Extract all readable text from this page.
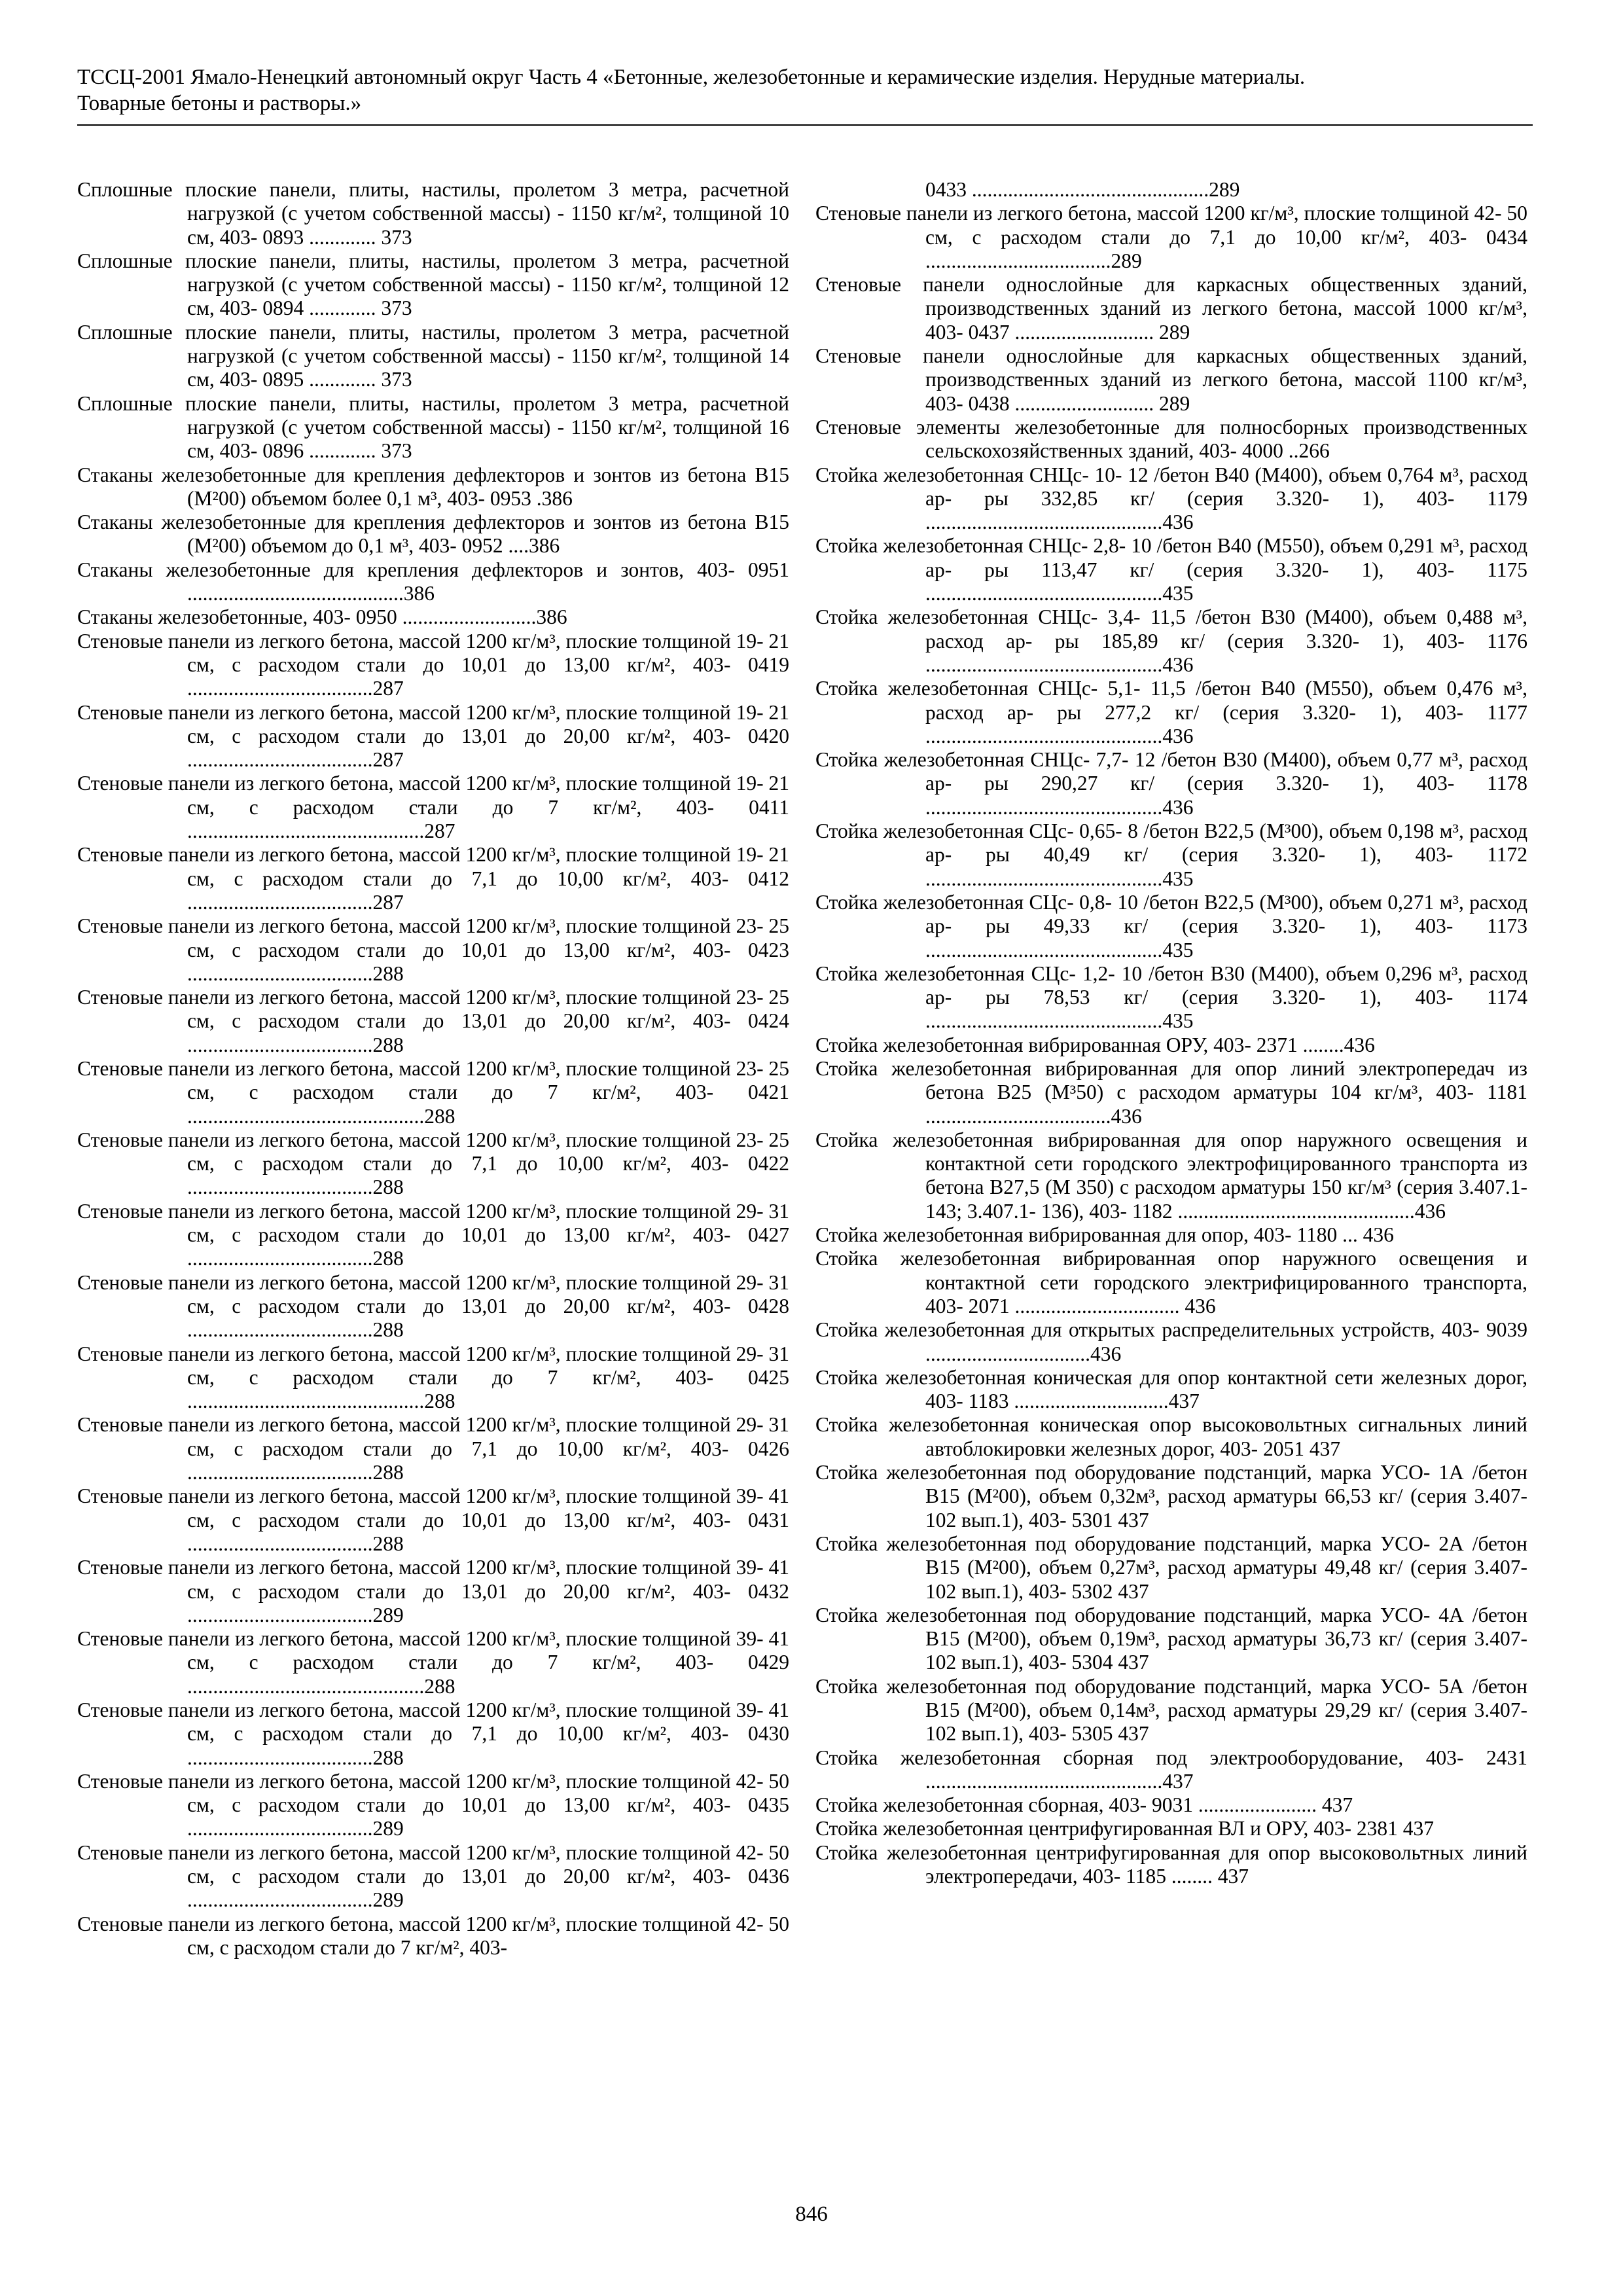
ТССЦ-2001 Ямало-Ненецкий автономный округ Часть 4 «Бетонные, железобетонные и керамические изделия. Нерудные материалы.
Товарные бетоны и растворы.»
Сплошные плоские панели, плиты, настилы, пролетом 3 метра, расчетной нагрузкой (с учетом собственной массы) - 1150 кг/м², толщиной 10 см, 403- 0893 ............. 373
Сплошные плоские панели, плиты, настилы, пролетом 3 метра, расчетной нагрузкой (с учетом собственной массы) - 1150 кг/м², толщиной 12 см, 403- 0894 ............. 373
Сплошные плоские панели, плиты, настилы, пролетом 3 метра, расчетной нагрузкой (с учетом собственной массы) - 1150 кг/м², толщиной 14 см, 403- 0895 ............. 373
Сплошные плоские панели, плиты, настилы, пролетом 3 метра, расчетной нагрузкой (с учетом собственной массы) - 1150 кг/м², толщиной 16 см, 403- 0896 ............. 373
Стаканы железобетонные для крепления дефлекторов и зонтов из бетона В15 (М²00) объемом более 0,1 м³, 403- 0953 .386
Стаканы железобетонные для крепления дефлекторов и зонтов из бетона В15 (М²00) объемом до 0,1 м³, 403- 0952 ....386
Стаканы железобетонные для крепления дефлекторов и зонтов, 403- 0951 ..........................................386
Стаканы железобетонные, 403- 0950 ..........................386
Стеновые панели из легкого бетона, массой 1200 кг/м³, плоские толщиной 19- 21 см, с расходом стали до 10,01 до 13,00 кг/м², 403- 0419 ....................................287
Стеновые панели из легкого бетона, массой 1200 кг/м³, плоские толщиной 19- 21 см, с расходом стали до 13,01 до 20,00 кг/м², 403- 0420 ....................................287
Стеновые панели из легкого бетона, массой 1200 кг/м³, плоские толщиной 19- 21 см, с расходом стали до 7 кг/м², 403- 0411 ..............................................287
Стеновые панели из легкого бетона, массой 1200 кг/м³, плоские толщиной 19- 21 см, с расходом стали до 7,1 до 10,00 кг/м², 403- 0412 ....................................287
Стеновые панели из легкого бетона, массой 1200 кг/м³, плоские толщиной 23- 25 см, с расходом стали до 10,01 до 13,00 кг/м², 403- 0423 ....................................288
Стеновые панели из легкого бетона, массой 1200 кг/м³, плоские толщиной 23- 25 см, с расходом стали до 13,01 до 20,00 кг/м², 403- 0424 ....................................288
Стеновые панели из легкого бетона, массой 1200 кг/м³, плоские толщиной 23- 25 см, с расходом стали до 7 кг/м², 403- 0421 ..............................................288
Стеновые панели из легкого бетона, массой 1200 кг/м³, плоские толщиной 23- 25 см, с расходом стали до 7,1 до 10,00 кг/м², 403- 0422 ....................................288
Стеновые панели из легкого бетона, массой 1200 кг/м³, плоские толщиной 29- 31 см, с расходом стали до 10,01 до 13,00 кг/м², 403- 0427 ....................................288
Стеновые панели из легкого бетона, массой 1200 кг/м³, плоские толщиной 29- 31 см, с расходом стали до 13,01 до 20,00 кг/м², 403- 0428 ....................................288
Стеновые панели из легкого бетона, массой 1200 кг/м³, плоские толщиной 29- 31 см, с расходом стали до 7 кг/м², 403- 0425 ..............................................288
Стеновые панели из легкого бетона, массой 1200 кг/м³, плоские толщиной 29- 31 см, с расходом стали до 7,1 до 10,00 кг/м², 403- 0426 ....................................288
Стеновые панели из легкого бетона, массой 1200 кг/м³, плоские толщиной 39- 41 см, с расходом стали до 10,01 до 13,00 кг/м², 403- 0431 ....................................288
Стеновые панели из легкого бетона, массой 1200 кг/м³, плоские толщиной 39- 41 см, с расходом стали до 13,01 до 20,00 кг/м², 403- 0432 ....................................289
Стеновые панели из легкого бетона, массой 1200 кг/м³, плоские толщиной 39- 41 см, с расходом стали до 7 кг/м², 403- 0429 ..............................................288
Стеновые панели из легкого бетона, массой 1200 кг/м³, плоские толщиной 39- 41 см, с расходом стали до 7,1 до 10,00 кг/м², 403- 0430 ....................................288
Стеновые панели из легкого бетона, массой 1200 кг/м³, плоские толщиной 42- 50 см, с расходом стали до 10,01 до 13,00 кг/м², 403- 0435 ....................................289
Стеновые панели из легкого бетона, массой 1200 кг/м³, плоские толщиной 42- 50 см, с расходом стали до 13,01 до 20,00 кг/м², 403- 0436 ....................................289
Стеновые панели из легкого бетона, массой 1200 кг/м³, плоские толщиной 42- 50 см, с расходом стали до 7 кг/м², 403-
0433 ..............................................289
Стеновые панели из легкого бетона, массой 1200 кг/м³, плоские толщиной 42- 50 см, с расходом стали до 7,1 до 10,00 кг/м², 403- 0434 ....................................289
Стеновые панели однослойные для каркасных общественных зданий, производственных зданий из легкого бетона, массой 1000 кг/м³, 403- 0437 ........................... 289
Стеновые панели однослойные для каркасных общественных зданий, производственных зданий из легкого бетона, массой 1100 кг/м³, 403- 0438 ........................... 289
Стеновые элементы железобетонные для полносборных производственных сельскохозяйственных зданий, 403- 4000 ..266
Стойка железобетонная СНЦс- 10- 12 /бетон В40 (М400), объем 0,764 м³, расход ар- ры 332,85 кг/ (серия 3.320- 1), 403- 1179 ..............................................436
Стойка железобетонная СНЦс- 2,8- 10 /бетон В40 (М550), объем 0,291 м³, расход ар- ры 113,47 кг/ (серия 3.320- 1), 403- 1175 ..............................................435
Стойка железобетонная СНЦс- 3,4- 11,5 /бетон В30 (М400), объем 0,488 м³, расход ар- ры 185,89 кг/ (серия 3.320- 1), 403- 1176 ..............................................436
Стойка железобетонная СНЦс- 5,1- 11,5 /бетон В40 (М550), объем 0,476 м³, расход ар- ры 277,2 кг/ (серия 3.320- 1), 403- 1177 ..............................................436
Стойка железобетонная СНЦс- 7,7- 12 /бетон В30 (М400), объем 0,77 м³, расход ар- ры 290,27 кг/ (серия 3.320- 1), 403- 1178 ..............................................436
Стойка железобетонная СЦс- 0,65- 8 /бетон В22,5 (М³00), объем 0,198 м³, расход ар- ры 40,49 кг/ (серия 3.320- 1), 403- 1172 ..............................................435
Стойка железобетонная СЦс- 0,8- 10 /бетон В22,5 (М³00), объем 0,271 м³, расход ар- ры 49,33 кг/ (серия 3.320- 1), 403- 1173 ..............................................435
Стойка железобетонная СЦс- 1,2- 10 /бетон В30 (М400), объем 0,296 м³, расход ар- ры 78,53 кг/ (серия 3.320- 1), 403- 1174 ..............................................435
Стойка железобетонная вибрированная ОРУ, 403- 2371 ........436
Стойка железобетонная вибрированная для опор линий электропередач из бетона В25 (М³50) с расходом арматуры 104 кг/м³, 403- 1181 ....................................436
Стойка железобетонная вибрированная для опор наружного освещения и контактной сети городского электрофицированного транспорта из бетона В27,5 (М 350) с расходом арматуры 150 кг/м³ (серия 3.407.1- 143; 3.407.1- 136), 403- 1182 ..............................................436
Стойка железобетонная вибрированная для опор, 403- 1180 ... 436
Стойка железобетонная вибрированная опор наружного освещения и контактной сети городского электрифицированного транспорта, 403- 2071 ................................ 436
Стойка железобетонная для открытых распределительных устройств, 403- 9039 ................................436
Стойка железобетонная коническая для опор контактной сети железных дорог, 403- 1183 ..............................437
Стойка железобетонная коническая опор высоковольтных сигнальных линий автоблокировки железных дорог, 403- 2051 437
Стойка железобетонная под оборудование подстанций, марка УСО- 1А /бетон В15 (М²00), объем 0,32м³, расход арматуры 66,53 кг/ (серия 3.407- 102 вып.1), 403- 5301 437
Стойка железобетонная под оборудование подстанций, марка УСО- 2А /бетон В15 (М²00), объем 0,27м³, расход арматуры 49,48 кг/ (серия 3.407- 102 вып.1), 403- 5302 437
Стойка железобетонная под оборудование подстанций, марка УСО- 4А /бетон В15 (М²00), объем 0,19м³, расход арматуры 36,73 кг/ (серия 3.407- 102 вып.1), 403- 5304 437
Стойка железобетонная под оборудование подстанций, марка УСО- 5А /бетон В15 (М²00), объем 0,14м³, расход арматуры 29,29 кг/ (серия 3.407- 102 вып.1), 403- 5305 437
Стойка железобетонная сборная под электрооборудование, 403- 2431 ..............................................437
Стойка железобетонная сборная, 403- 9031 ....................... 437
Стойка железобетонная центрифугированная ВЛ и ОРУ, 403- 2381 437
Стойка железобетонная центрифугированная для опор высоковольтных линий электропередачи, 403- 1185 ........ 437
846
